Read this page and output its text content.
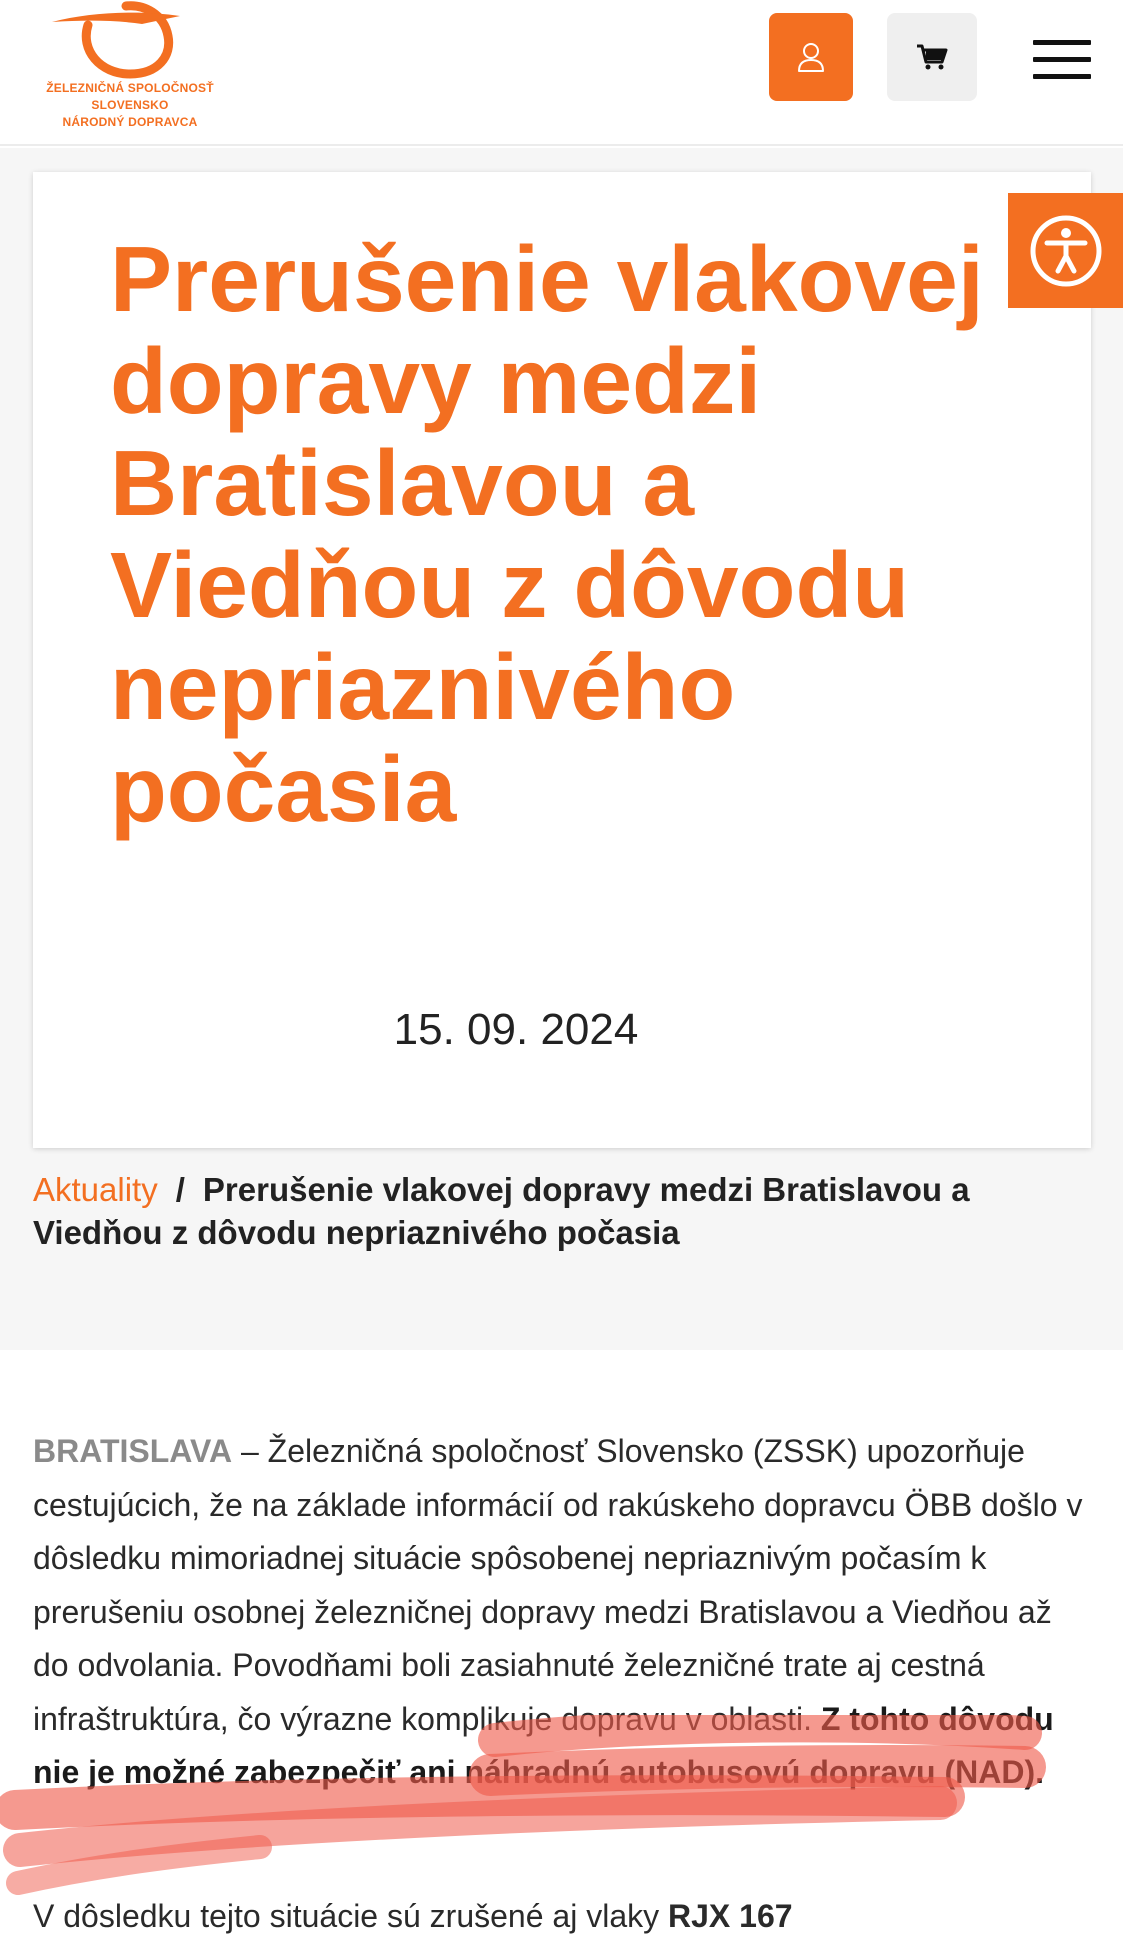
ŽELEZNIČNÁ SPOLOČNOSŤ SLOVENSKO
NÁRODNÝ DOPRAVCA
Prerušenie vlakovej dopravy medzi Bratislavou a Viedňou z dôvodu nepriaznivého počasia
15. 09. 2024
Aktuality / Prerušenie vlakovej dopravy medzi Bratislavou a Viedňou z dôvodu nepriaznivého počasia
BRATISLAVA – Železničná spoločnosť Slovensko (ZSSK) upozorňuje cestujúcich, že na základe informácií od rakúskeho dopravcu ÖBB došlo v dôsledku mimoriadnej situácie spôsobenej nepriaznivým počasím k prerušeniu osobnej železničnej dopravy medzi Bratislavou a Viedňou až do odvolania. Povodňami boli zasiahnuté železničné trate aj cestná infraštruktúra, čo výrazne komplikuje dopravu v oblasti. Z tohto dôvodu nie je možné zabezpečiť ani náhradnú autobusovú dopravu (NAD).
V dôsledku tejto situácie sú zrušené aj vlaky RJX 167
